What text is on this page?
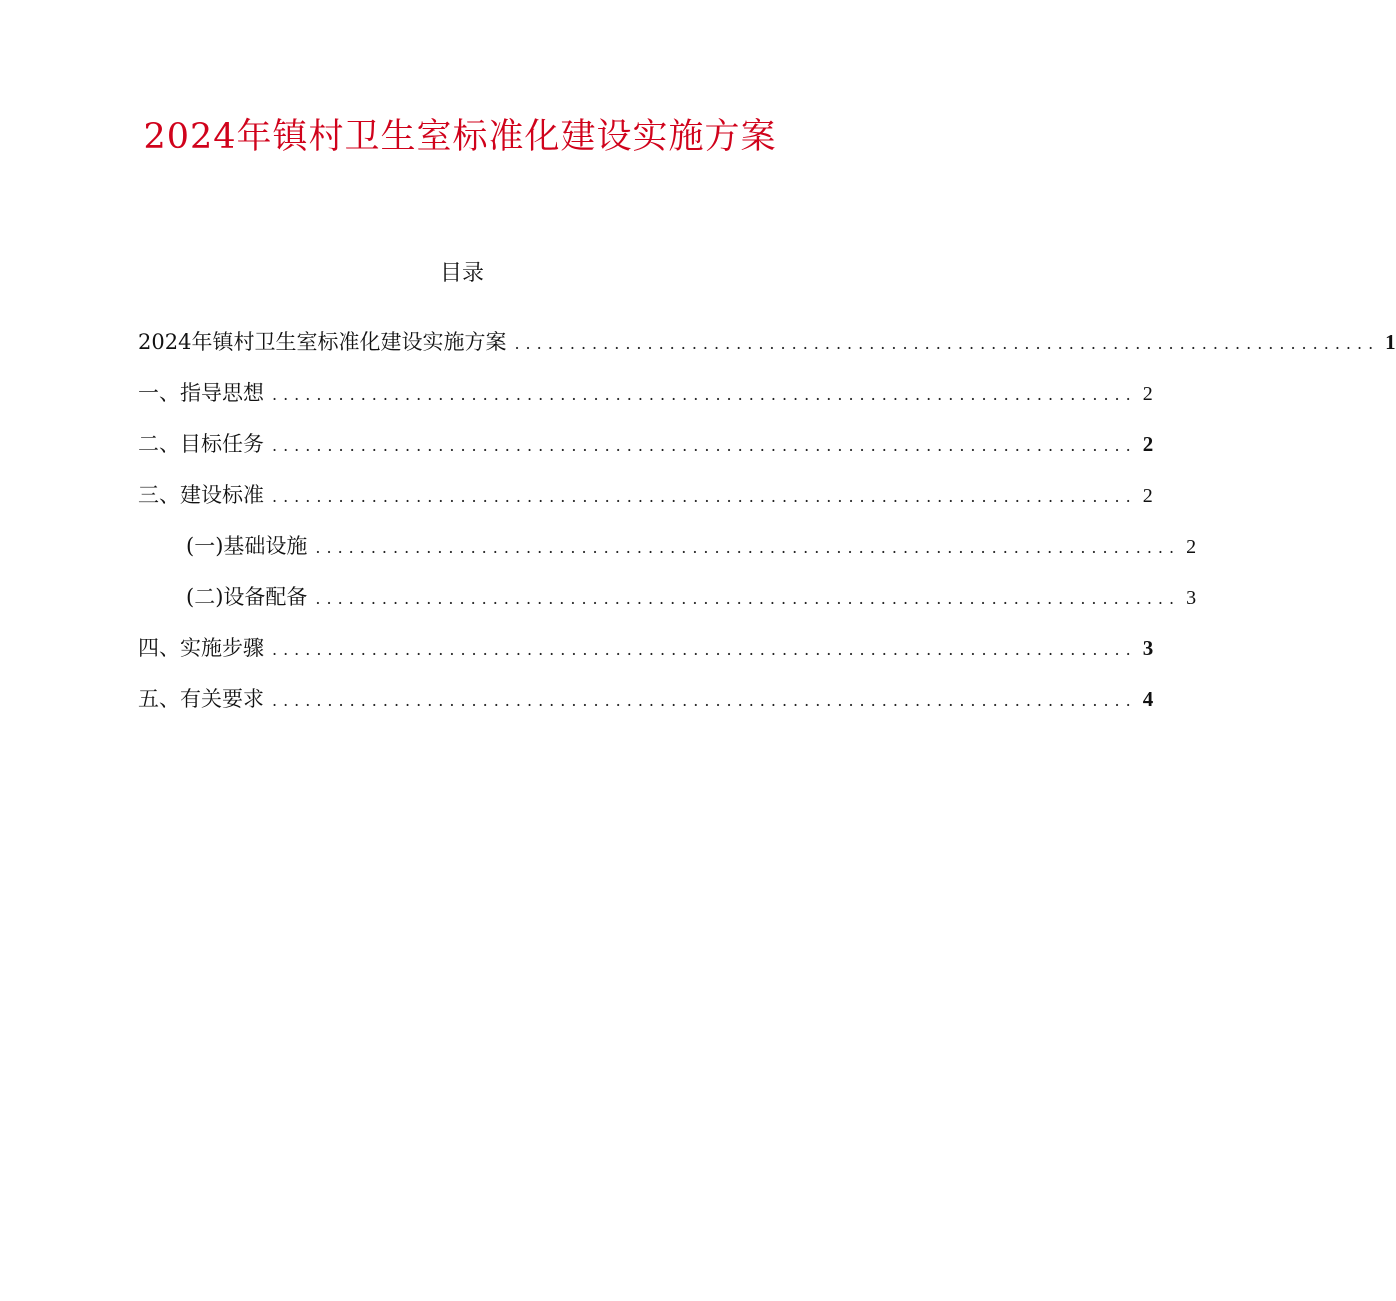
2024年镇村卫生室标准化建设实施方案
目录
2024年镇村卫生室标准化建设实施方案 .............................................................................. 1
一、指导思想 .............................................................................. 2
二、目标任务 .............................................................................. 2
三、建设标准 .............................................................................. 2
(一)基础设施 .............................................................................. 2
(二)设备配备 .............................................................................. 3
四、实施步骤 .............................................................................. 3
五、有关要求 .............................................................................. 4
